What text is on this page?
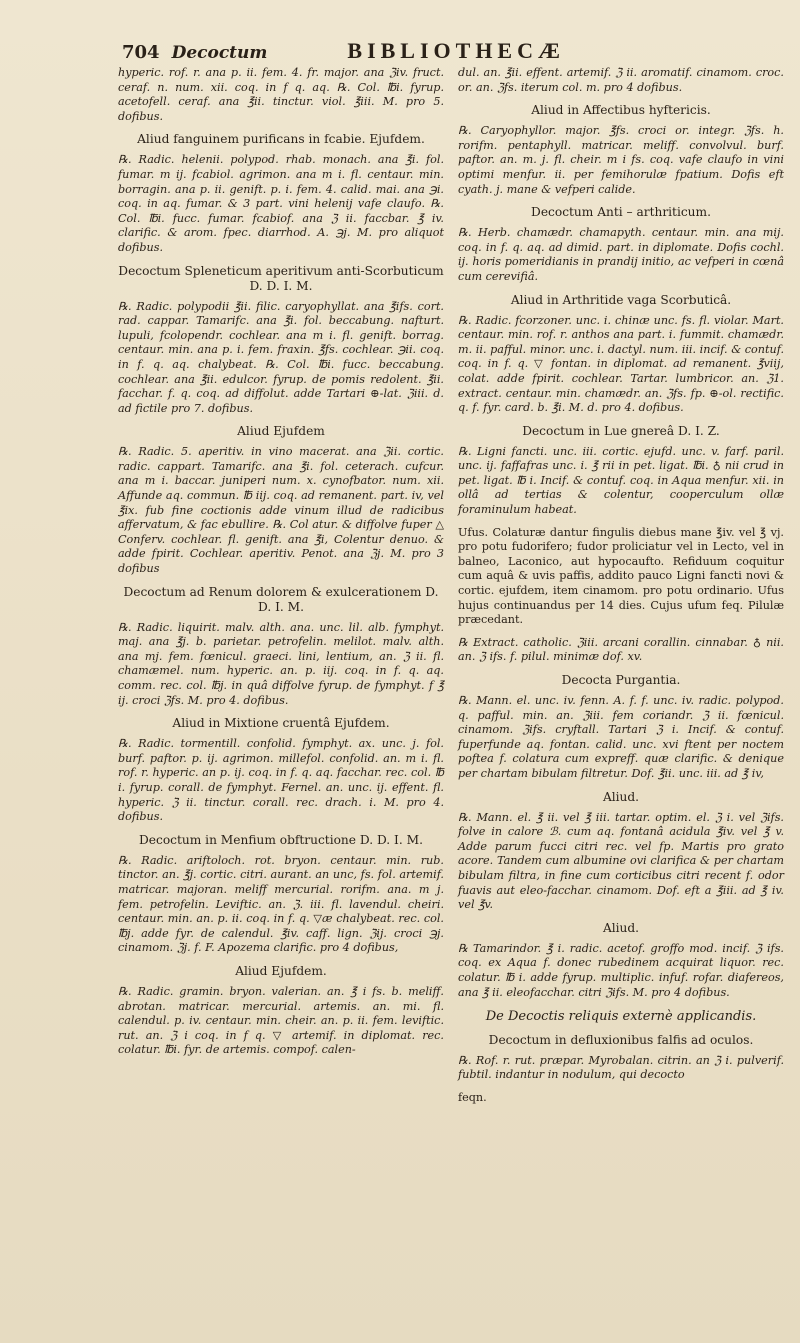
704 Decoctum	BIBLIOTHECÆ
hyperic. rof. r. ana p. ii. fem. 4. fr. major. ana ℨiv. fruct. ceraf. n. num. xii. coq. in f q. aq. ℞. Col. ℔i. fyrup. acetofell. ceraf. ana ℥ii. tinctur. viol. ℥iii. M. pro 5. dofibus.
Aliud fanguinem purificans in fcabie. Ejufdem.
℞. Radic. helenii. polypod. rhab. monach. ana ℥i. fol. fumar. m ij. fcabiol. agrimon. ana m i. fl. centaur. min. borragin. ana p. ii. genift. p. i. fem. 4. calid. mai. ana ℈i. coq. in aq. fumar. & 3 part. vini helenij vafe claufo. ℞. Col. ℔i. fucc. fumar. fcabiof. ana ℨ ii. faccbar. ℥ iv. clarific. & arom. fpec. diarrhod. A. ℈j. M. pro aliquot dofibus.
Decoctum Spleneticum aperitivum anti-Scorbuticum D. D. I. M.
℞. Radic. polypodii ℥ii. filic. caryophyllat. ana ℥ifs. cort. rad. cappar. Tamarifc. ana ℥i. fol. beccabung. nafturt. lupuli, fcolopendr. cochlear. ana m i. fl. genift. borrag. centaur. min. ana p. i. fem. fraxin. ℥fs. cochlear. ℈ii. coq. in f. q. aq. chalybeat. ℞. Col. ℔i. fucc. beccabung. cochlear. ana ℥ii. edulcor. fyrup. de pomis redolent. ℥ii. facchar. f. q. coq. ad diffolut. adde Tartari ⊕-lat. ℨiii. d. ad fictile pro 7. dofibus.
Aliud Ejufdem
℞. Radic. 5. aperitiv. in vino macerat. ana ℨii. cortic. radic. cappart. Tamarifc. ana ℥i. fol. ceterach. cufcur. ana m i. baccar. juniperi num. x. cynofbator. num. xii. Affunde aq. commun. ℔ iij. coq. ad remanent. part. iv, vel ℥ix. fub fine coctionis adde vinum illud de radicibus affervatum, & fac ebullire. ℞. Col atur. & diffolve fuper △ Conferv. cochlear. fl. genift. ana ℥i, Colentur denuo. & adde fpirit. Cochlear. aperitiv. Penot. ana ℨj. M. pro 3 dofibus
Decoctum ad Renum dolorem & exulcerationem D. D. I. M.
℞. Radic. liquirit. malv. alth. ana. unc. lil. alb. fymphyt. maj. ana ℥j. b. parietar. petrofelin. melilot. malv. alth. ana mj. fem. fœnicul. graeci. lini, lentium, an. ℨ ii. fl. chamæmel. num. hyperic. an. p. iij. coq. in f. q. aq. comm. rec. col. ℔j. in quâ diffolve fyrup. de fymphyt. f ℥ ij. croci ℨfs. M. pro 4. dofibus.
Aliud in Mixtione cruentâ Ejufdem.
℞. Radic. tormentill. confolid. fymphyt. ax. unc. j. fol. burf. paftor. p. ij. agrimon. millefol. confolid. an. m i. fl. rof. r. hyperic. an p. ij. coq. in f. q. aq. facchar. rec. col. ℔ i. fyrup. corall. de fymphyt. Fernel. an. unc. ij. effent. fl. hyperic. ℨ ii. tinctur. corall. rec. drach. i. M. pro 4. dofibus.
Decoctum in Menfium obftructione D. D. I. M.
℞. Radic. ariftoloch. rot. bryon. centaur. min. rub. tinctor. an. ℥j. cortic. citri. aurant. an unc, fs. fol. artemif. matricar. majoran. meliff mercurial. rorifm. ana. m j. fem. petrofelin. Leviftic. an. ℨ. iii. fl. lavendul. cheiri. centaur. min. an. p. ii. coq. in f. q. ▽æ chalybeat. rec. col. ℔j. adde fyr. de calendul. ℥iv. caff. lign. ℨij. croci ℈j. cinamom. ℨj. f. F. Apozema clarific. pro 4 dofibus,
Aliud Ejufdem.
℞. Radic. gramin. bryon. valerian. an. ℥ i fs. b. meliff. abrotan. matricar. mercurial. artemis. an. mi. fl. calendul. p. iv. centaur. min. cheir. an. p. ii. fem. leviftic. rut. an. ℨ i coq. in f q. ▽ artemif. in diplomat. rec. colatur. ℔i. fyr. de artemis. compof. calen-
dul. an. ℥ii. effent. artemif. ℨ ii. aromatif. cinamom. croc. or. an. ℨfs. iterum col. m. pro 4 dofibus.
Aliud in Affectibus hyftericis.
℞. Caryophyllor. major. ℥fs. croci or. integr. ℨfs. h. rorifm. pentaphyll. matricar. meliff. convolvul. burf. paftor. an. m. j. fl. cheir. m i fs. coq. vafe claufo in vini optimi menfur. ii. per femihorulæ fpatium. Dofis eft cyath. j. mane & vefperi calide.
Decoctum Anti – arthriticum.
℞. Herb. chamædr. chamapyth. centaur. min. ana mij. coq. in f. q. aq. ad dimid. part. in diplomate. Dofis cochl. ij. horis pomeridianis in prandij initio, ac vefperi in cœnâ cum cerevifiâ.
Aliud in Arthritide vaga Scorbuticâ.
℞. Radic. fcorzoner. unc. i. chinæ unc. fs. fl. violar. Mart. centaur. min. rof. r. anthos ana part. i. fummit. chamædr. m. ii. pafful. minor. unc. i. dactyl. num. iii. incif. & contuf. coq. in f. q. ▽ fontan. in diplomat. ad remanent. ℥viij, colat. adde fpirit. cochlear. Tartar. lumbricor. an. ℨ1. extract. centaur. min. chamædr. an. ℨfs. fp. ⊕-ol. rectific. q. f. fyr. card. b. ℥i. M. d. pro 4. dofibus.
Decoctum in Lue gnereâ D. I. Z.
℞. Ligni fancti. unc. iii. cortic. ejufd. unc. v. farf. paril. unc. ij. faffafras unc. i. ℥ rii in pet. ligat. ℔i. ♁ nii crud in pet. ligat. ℔ i. Incif. & contuf. coq. in Aqua menfur. xii. in ollâ ad tertias & colentur, cooperculum ollæ foraminulum habeat.
Ufus. Colaturæ dantur fingulis diebus mane ℥iv. vel ℥ vj. pro potu fudorifero; fudor proliciatur vel in Lecto, vel in balneo, Laconico, aut hypocaufto. Refiduum coquitur cum aquâ & uvis paffis, addito pauco Ligni fancti novi & cortic. ejufdem, item cinamom. pro potu ordinario. Ufus hujus continuandus per 14 dies. Cujus ufum feq. Pilulæ præcedant.
℞ Extract. catholic. ℨiii. arcani corallin. cinnabar. ♁ nii. an. ℨ ifs. f. pilul. minimæ dof. xv.
Decocta Purgantia.
℞. Mann. el. unc. iv. fenn. A. f. f. unc. iv. radic. polypod. q. pafful. min. an. ℨiii. fem coriandr. ℨ ii. fœnicul. cinamom. ℨifs. cryftall. Tartari ℨ i. Incif. & contuf. fuperfunde aq. fontan. calid. unc. xvi ftent per noctem poftea f. colatura cum expreff. quæ clarific. & denique per chartam bibulam filtretur. Dof. ℥ii. unc. iii. ad ℥ iv,
Aliud.
℞. Mann. el. ℥ ii. vel ℥ iii. tartar. optim. el. ℨ i. vel ℨifs. folve in calore ℬ. cum aq. fontanâ acidula ℥iv. vel ℥ v. Adde parum fucci citri rec. vel fp. Martis pro grato acore. Tandem cum albumine ovi clarifica & per chartam bibulam filtra, in fine cum corticibus citri recent f. odor fuavis aut eleo-facchar. cinamom. Dof. eft a ℥iii. ad ℥ iv. vel ℥v.
Aliud.
℞ Tamarindor. ℥ i. radic. acetof. groffo mod. incif. ℨ ifs. coq. ex Aqua f. donec rubedinem acquirat liquor. rec. colatur. ℔ i. adde fyrup. multiplic. infuf. rofar. diafereos, ana ℥ ii. eleofacchar. citri ℨifs. M. pro 4 dofibus.
De Decoctis reliquis externè applicandis.
Decoctum in defluxionibus falfis ad oculos.
℞. Rof. r. rut. præpar. Myrobalan. citrin. an ℨ i. pulverif. fubtil. indantur in nodulum, qui decocto
feqn.
